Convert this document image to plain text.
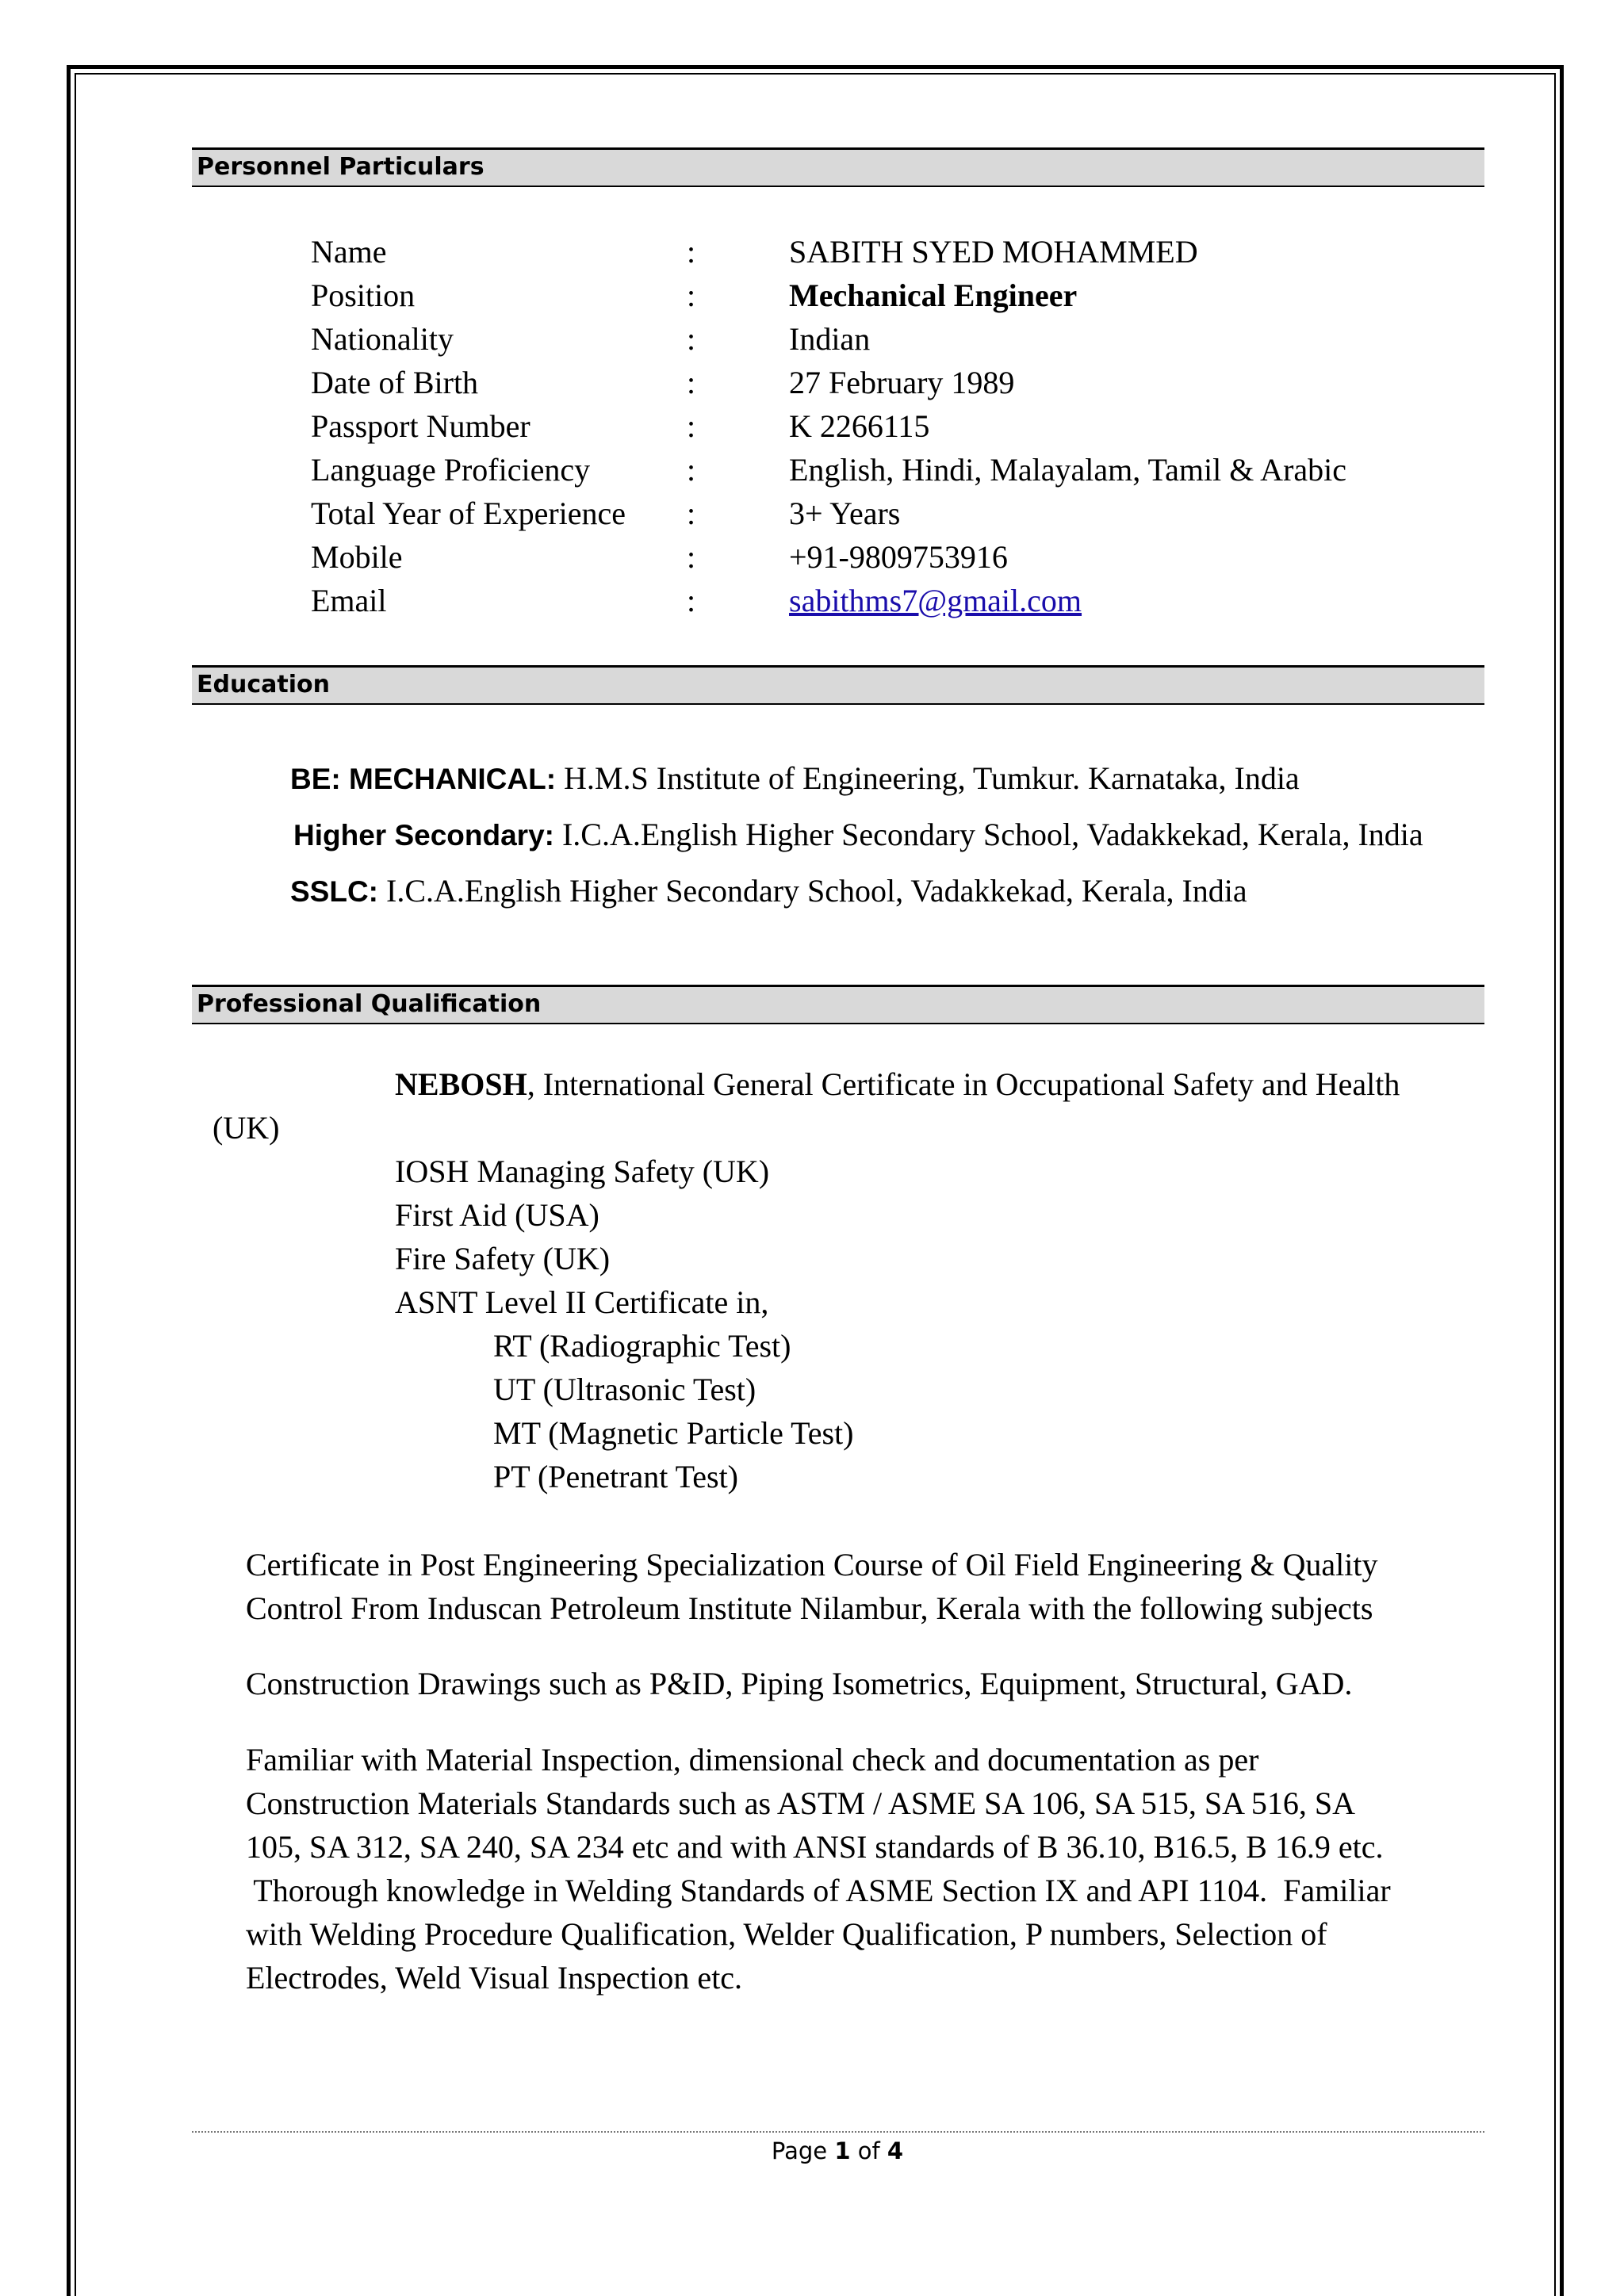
Personnel Particulars
Name	:	SABITH SYED MOHAMMED
Position	:	Mechanical Engineer
Nationality	:	Indian
Date of Birth	:	27 February 1989
Passport Number	:	K 2266115
Language Proficiency	:	English, Hindi, Malayalam, Tamil & Arabic
Total Year of Experience :	3+ Years
Mobile	:	+91-9809753916
Email	:	sabithms7@gmail.com
Education
BE: MECHANICAL: H.M.S Institute of Engineering, Tumkur. Karnataka, India
Higher Secondary: I.C.A.English Higher Secondary School, Vadakkekad, Kerala, India
SSLC: I.C.A.English Higher Secondary School, Vadakkekad, Kerala, India
Professional Qualification
NEBOSH, International General Certificate in Occupational Safety and Health
(UK)
IOSH Managing Safety (UK)
First Aid (USA)
Fire Safety (UK)
ASNT Level II Certificate in,
RT (Radiographic Test)
UT (Ultrasonic Test)
MT (Magnetic Particle Test)
PT (Penetrant Test)
Certificate in Post Engineering Specialization Course of Oil Field Engineering & Quality
Control From Induscan Petroleum Institute Nilambur, Kerala with the following subjects
Construction Drawings such as P&ID, Piping Isometrics, Equipment, Structural, GAD.
Familiar with Material Inspection, dimensional check and documentation as per
Construction Materials Standards such as ASTM / ASME SA 106, SA 515, SA 516, SA
105, SA 312, SA 240, SA 234 etc and with ANSI standards of B 36.10, B16.5, B 16.9 etc.
Thorough knowledge in Welding Standards of ASME Section IX and API 1104.  Familiar
with Welding Procedure Qualification, Welder Qualification, P numbers, Selection of
Electrodes, Weld Visual Inspection etc.
Page 1 of 4
